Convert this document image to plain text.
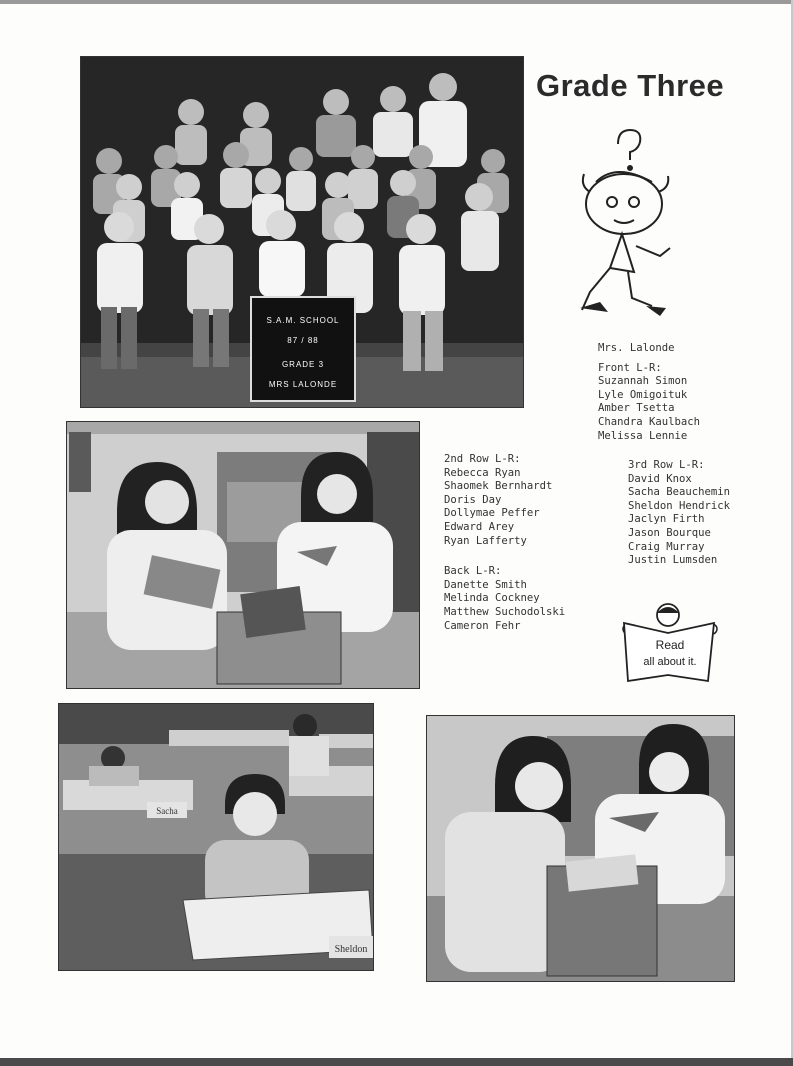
S.A.M. SCHOOL
87 / 88
GRADE 3
MRS LALONDE
Grade Three
Mrs. Lalonde
Front L-R:
Suzannah Simon
Lyle Omigoituk
Amber Tsetta
Chandra Kaulbach
Melissa Lennie
2nd Row L-R:
Rebecca Ryan
Shaomek Bernhardt
Doris Day
Dollymae Peffer
Edward Arey
Ryan Lafferty
Back L-R:
Danette Smith
Melinda Cockney
Matthew Suchodolski
Cameron Fehr
3rd Row L-R:
David Knox
Sacha Beauchemin
Sheldon Hendrick
Jaclyn Firth
Jason Bourque
Craig Murray
Justin Lumsden
Read
all about it.
Sheldon
Sacha
